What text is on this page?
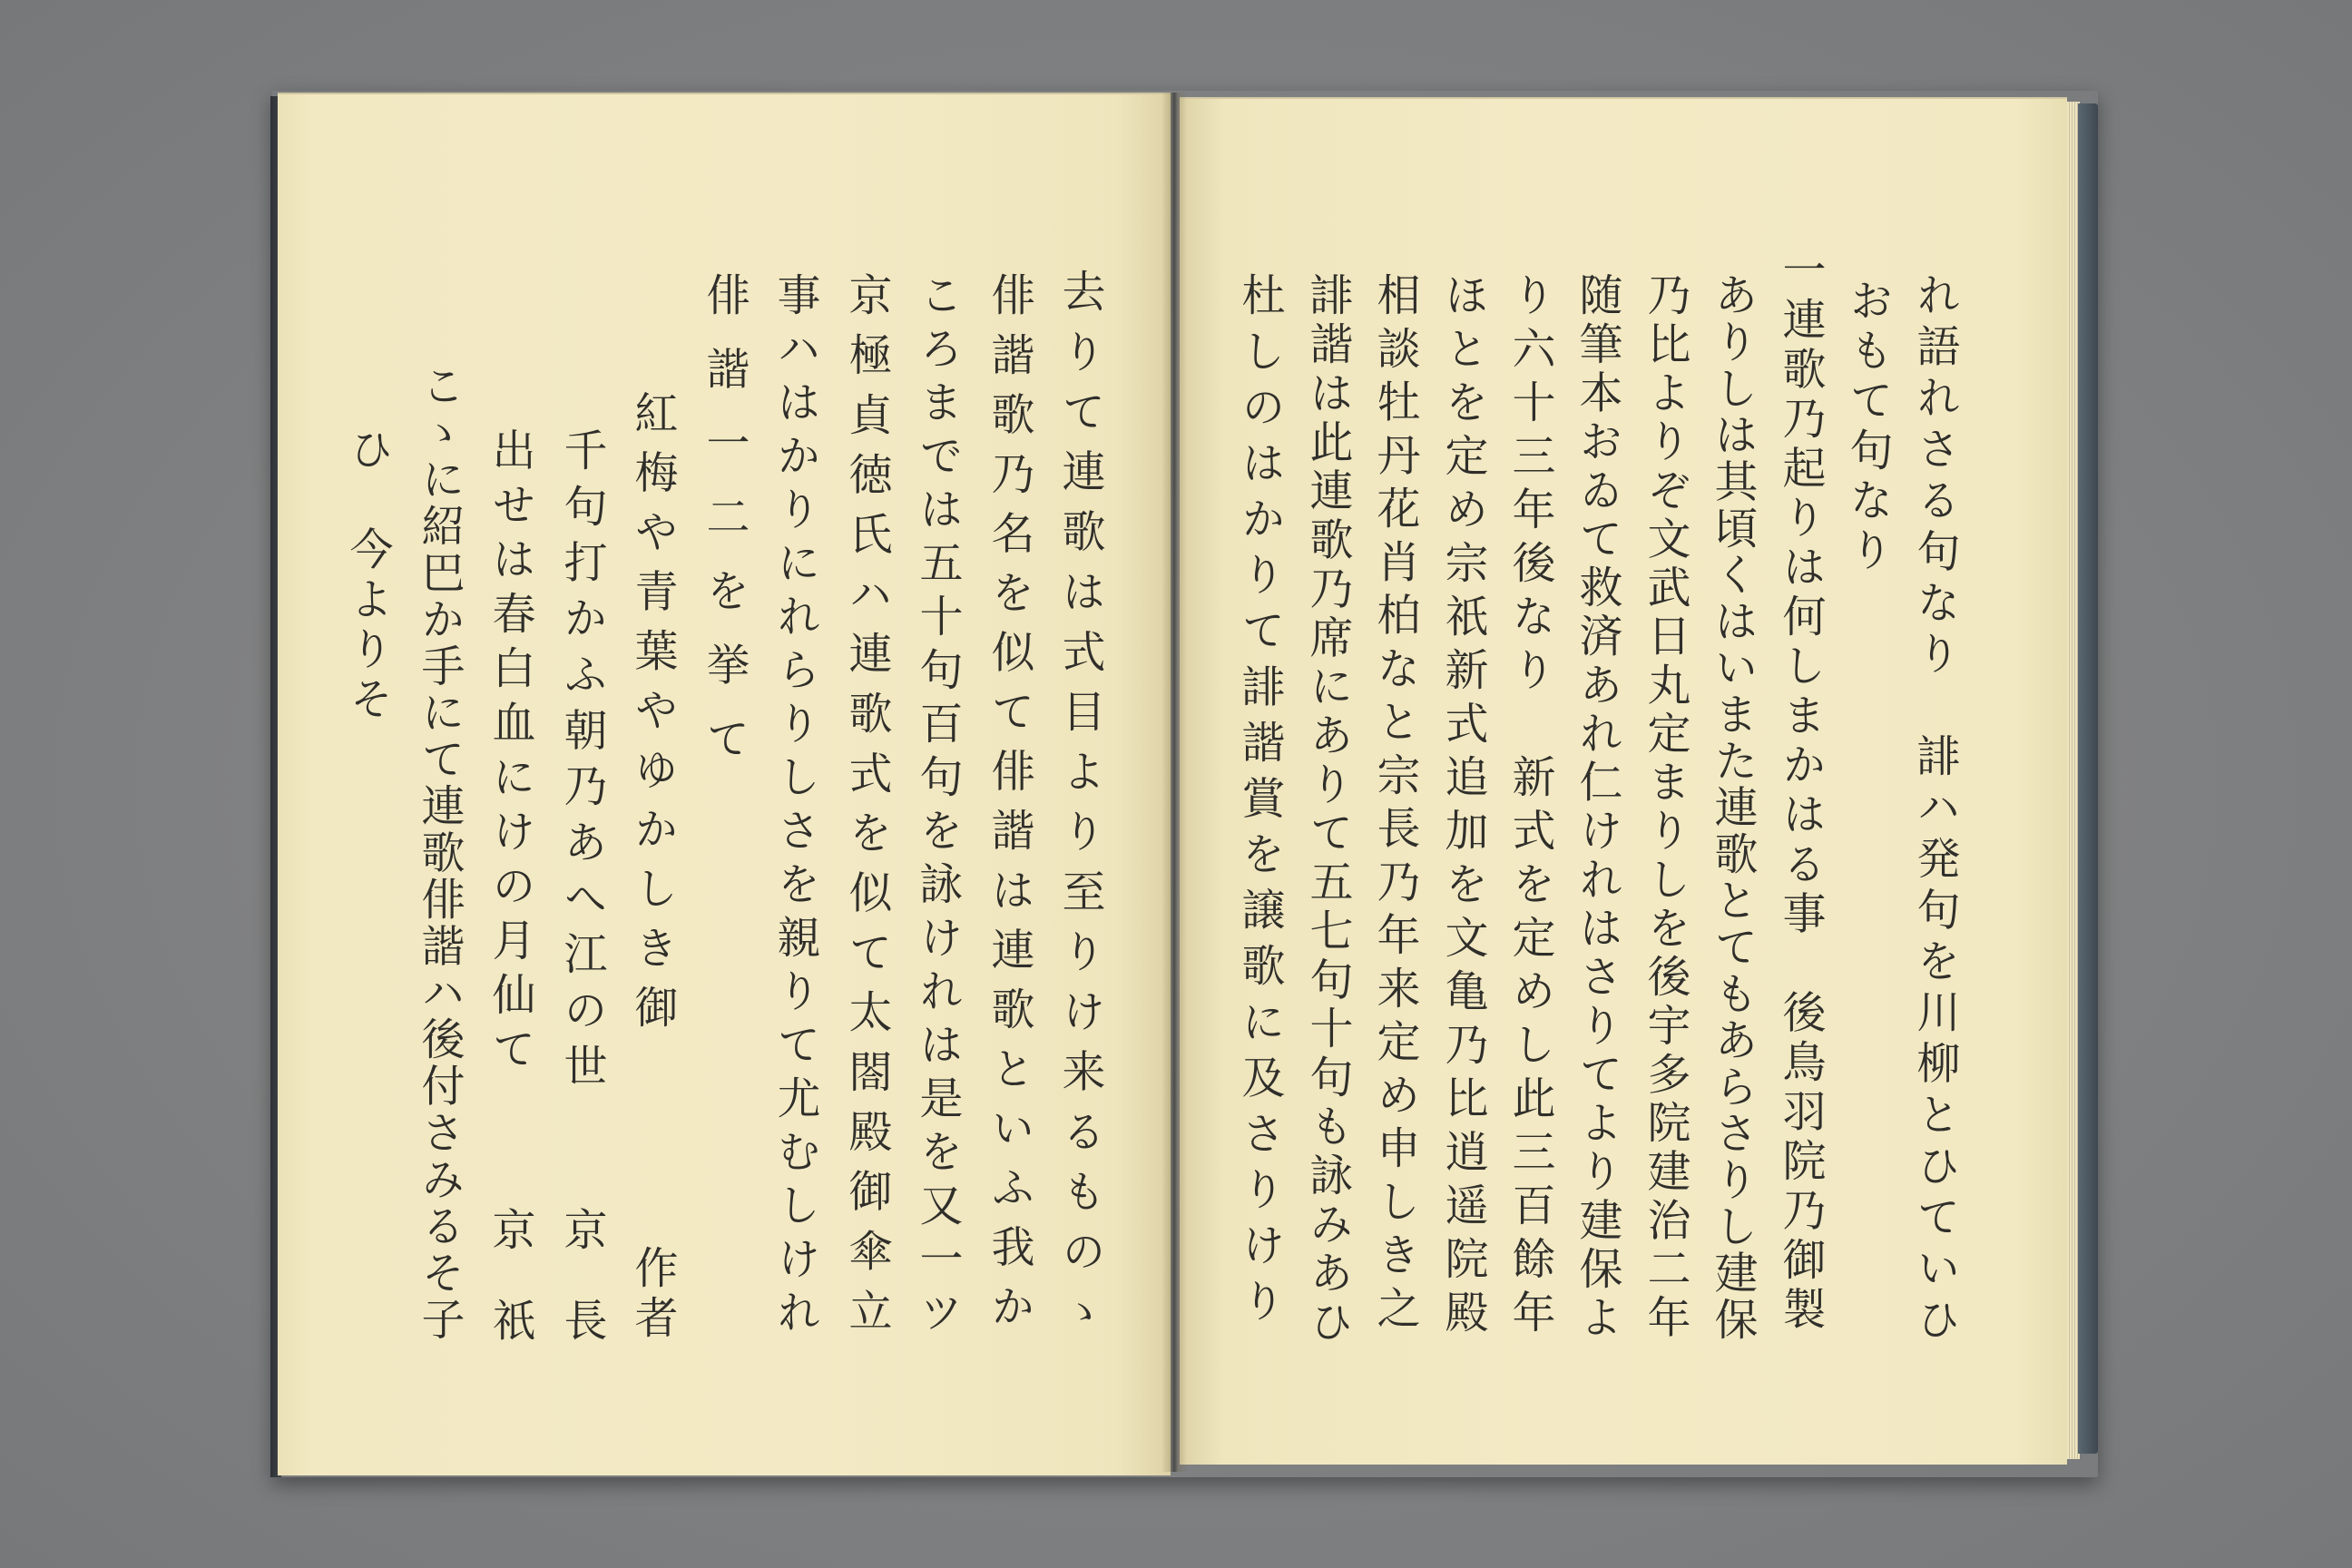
れ語れさる句なり　誹ハ発句を川柳とひていひ
おもて句なり
一連歌乃起りは何しまかはる事　後鳥羽院乃御製
ありしは其頃くはいまた連歌とてもあらさりし建保
乃比よりぞ文武日丸定まりしを後宇多院建治二年
随筆本おゐて救済あれ仁けれはさりてより建保よ
り六十三年後なり　新式を定めし此三百餘年
ほとを定め宗祇新式追加を文亀乃比逍遥院殿
相談牡丹花肖柏なと宗長乃年来定め申しき之
誹諧は此連歌乃席にありて五七句十句も詠みあひ
杜しのはかりて誹諧賞を譲歌に及さりけり
去りて連歌は式目より至りけ来るものゝ
俳諧歌乃名を似て俳諧は連歌といふ我か
ころまでは五十句百句を詠けれは是を又一ツ
京極貞徳氏ハ連歌式を似て太閤殿御傘立
事ハはかりにれらりしさを親りて尤むしけれ
俳諧一二を挙て
紅梅や青葉やゆかしき御
作者
千句打かふ朝乃あへ江の世
京　長
出せは春白血にけの月仙て
京　祇
こゝに紹巴か手にて連歌俳諧ハ後付さみるそ子
ひ　今よりそ
